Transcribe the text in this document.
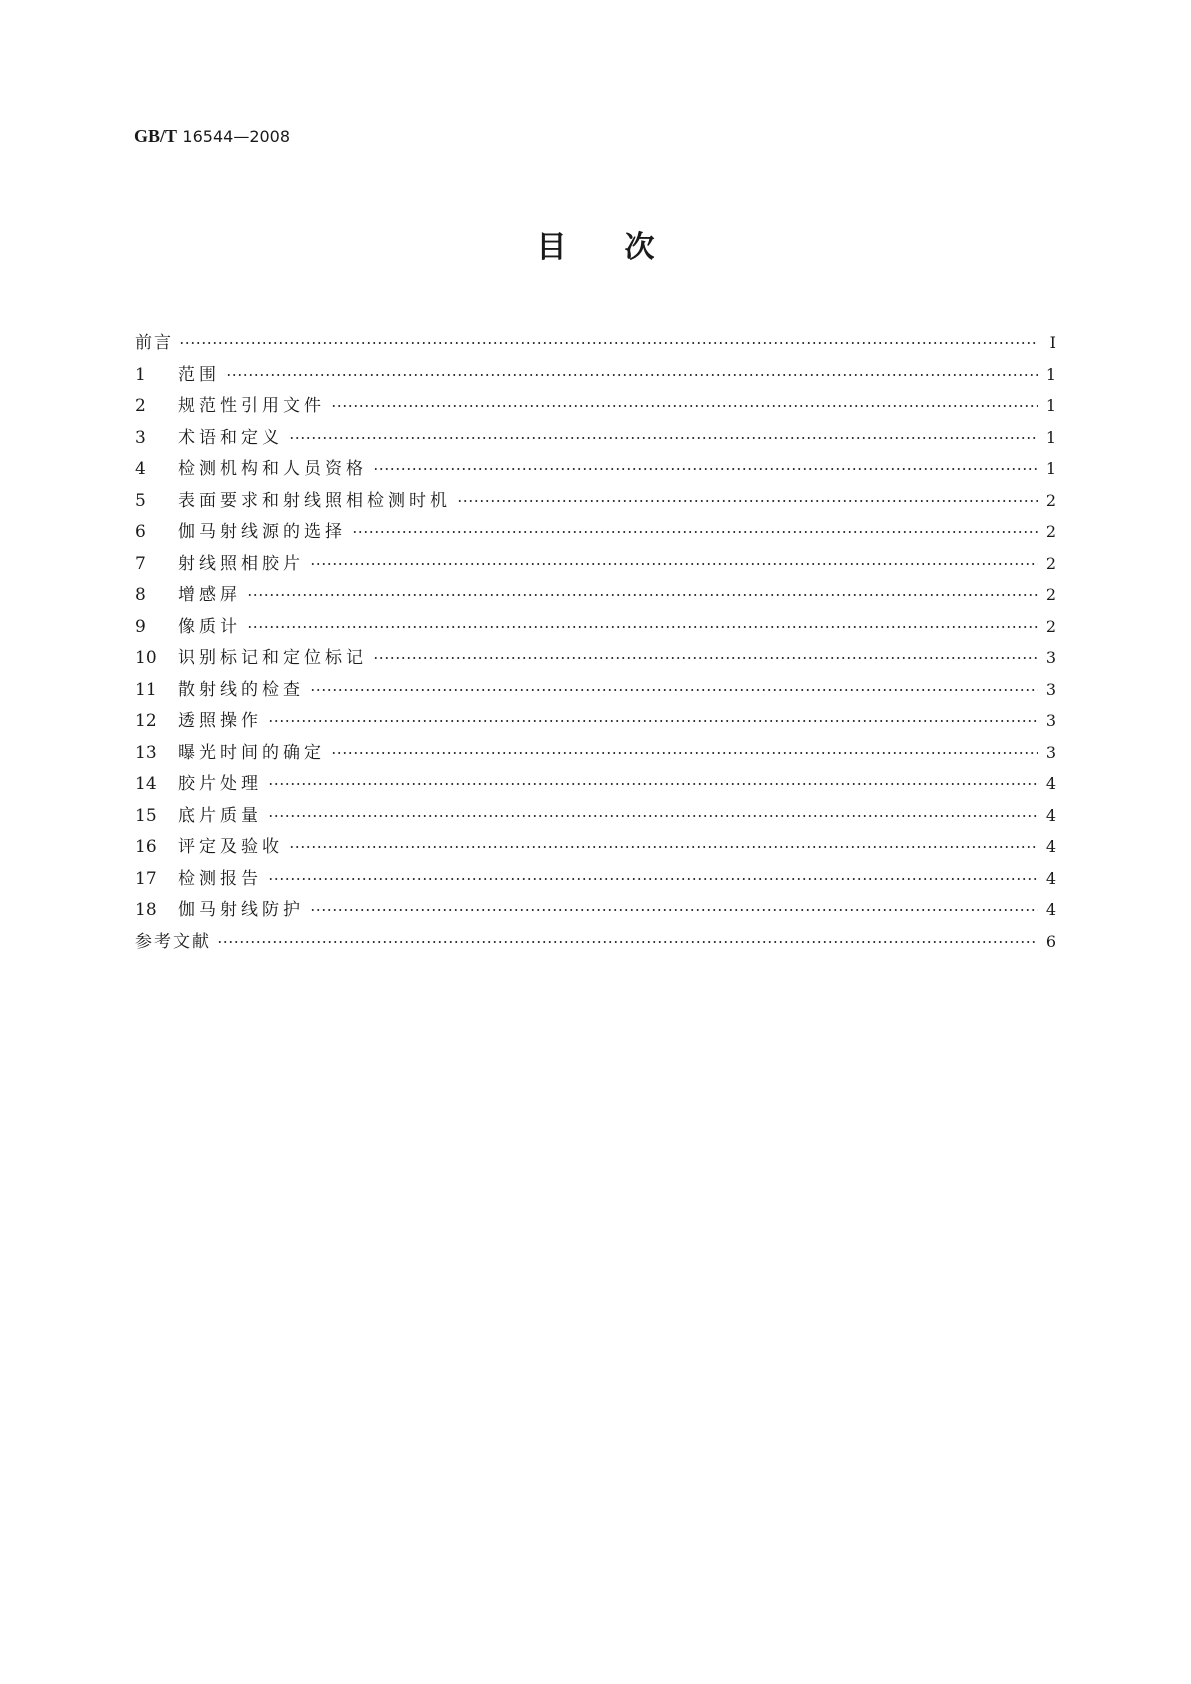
GB/T 16544—2008
目次
前言	Ⅰ
1	范围	1
2	规范性引用文件	1
3	术语和定义	1
4	检测机构和人员资格	1
5	表面要求和射线照相检测时机	2
6	伽马射线源的选择	2
7	射线照相胶片	2
8	增感屏	2
9	像质计	2
10	识别标记和定位标记	3
11	散射线的检查	3
12	透照操作	3
13	曝光时间的确定	3
14	胶片处理	4
15	底片质量	4
16	评定及验收	4
17	检测报告	4
18	伽马射线防护	4
参考文献	6
